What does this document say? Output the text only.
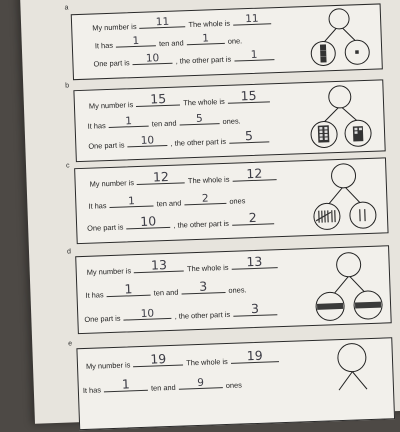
a
My number is	11	The whole is	11
It has	1	ten and	1	one.
One part is	10	, the other part is	1
b
My number is	15	The whole is	15
It has	1	ten and	5	ones.
One part is	10	, the other part is	5
c
My number is	12	The whole is	12
It has	1	ten and	2	ones
One part is	10	, the other part is	2
d
My number is	13	The whole is	13
It has	1	ten and	3	ones.
One part is	10	, the other part is	3
e
My number is	19	The whole is	19
It has	1	ten and	9	ones
